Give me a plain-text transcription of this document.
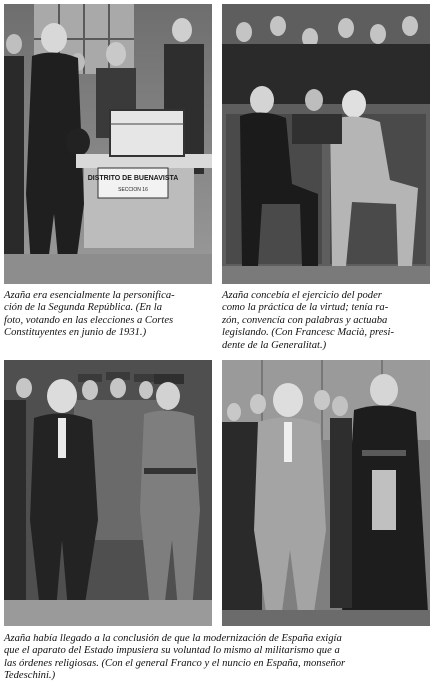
DISTRITO DE BUENAVISTA
SECCION 16

Azaña era esencialmente la personifica-
ción de la Segunda República. (En la
foto, votando en las elecciones a Cortes
Constituyentes en junio de 1931.)

Azaña concebía el ejercicio del poder
como la práctica de la virtud; tenía ra-
zón, convencía con palabras y actuaba
legislando. (Con Francesc Macià, presi-
dente de la Generalitat.)

Azaña había llegado a la conclusión de que la modernización de España exigía
que el aparato del Estado impusiera su voluntad lo mismo al militarismo que a
las órdenes religiosas. (Con el general Franco y el nuncio en España, monseñor
Tedeschini.)
